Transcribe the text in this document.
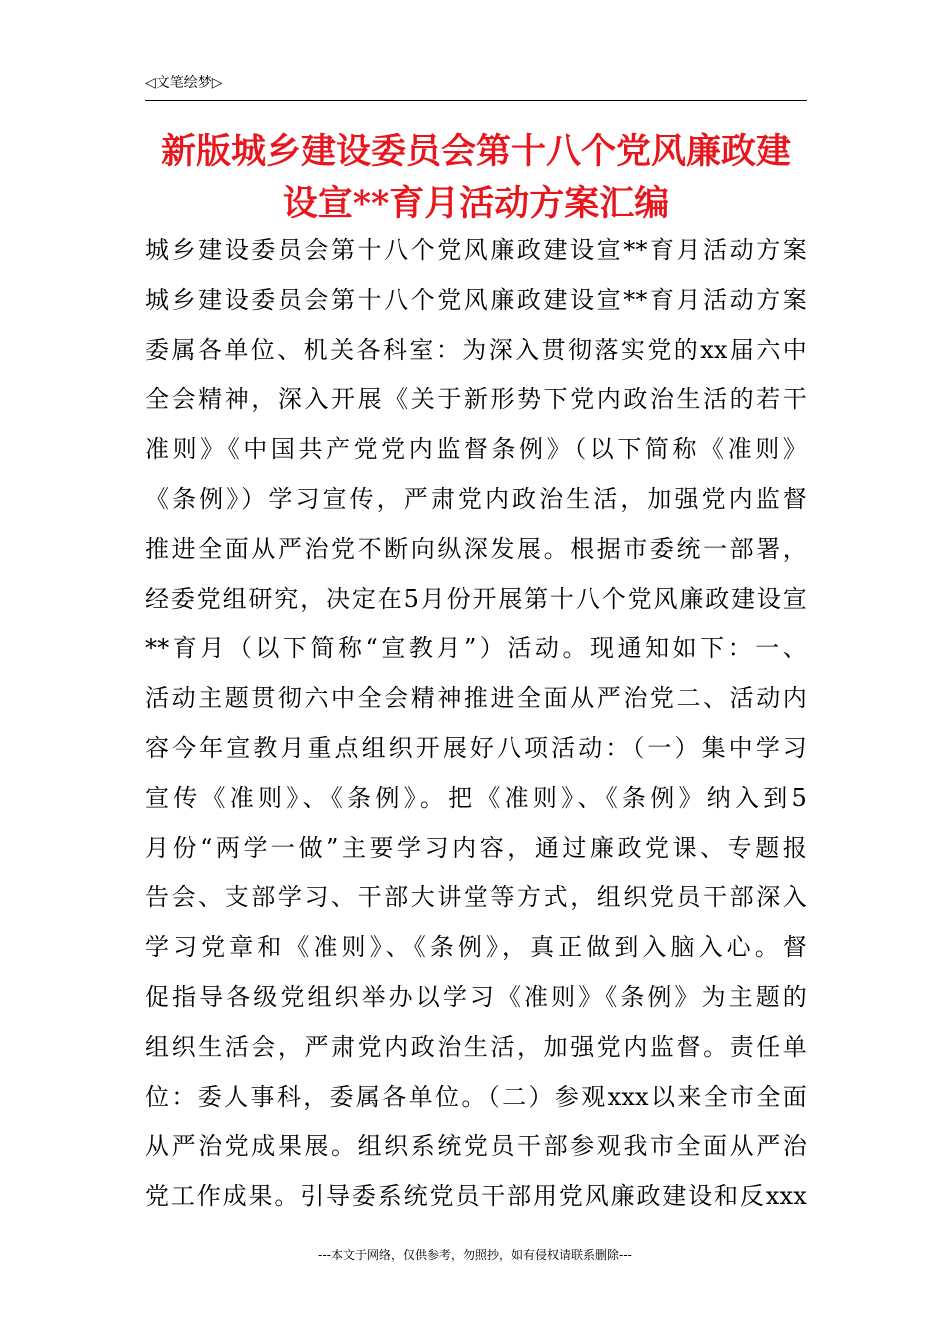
◁文笔绘梦▷
新版城乡建设委员会第十八个党风廉政建
设宣**育月活动方案汇编
城乡建设委员会第十八个党风廉政建设宣**育月活动方案
城乡建设委员会第十八个党风廉政建设宣**育月活动方案
委属各单位、机关各科室：为深入贯彻落实党的xx届六中
全会精神，深入开展《关于新形势下党内政治生活的若干
准则》《中国共产党党内监督条例》（以下简称《准则》
《条例》）学习宣传，严肃党内政治生活，加强党内监督
推进全面从严治党不断向纵深发展。根据市委统一部署，
经委党组研究，决定在5月份开展第十八个党风廉政建设宣
**育月（以下简称“宣教月”）活动。现通知如下：一、
活动主题贯彻六中全会精神推进全面从严治党二、活动内
容今年宣教月重点组织开展好八项活动：（一）集中学习
宣传《准则》、《条例》。把《准则》、《条例》纳入到5
月份“两学一做”主要学习内容，通过廉政党课、专题报
告会、支部学习、干部大讲堂等方式，组织党员干部深入
学习党章和《准则》、《条例》，真正做到入脑入心。督
促指导各级党组织举办以学习《准则》《条例》为主题的
组织生活会，严肃党内政治生活，加强党内监督。责任单
位：委人事科，委属各单位。（二）参观xxx以来全市全面
从严治党成果展。组织系统党员干部参观我市全面从严治
党工作成果。引导委系统党员干部用党风廉政建设和反xxx
---本文于网络，仅供参考，勿照抄，如有侵权请联系删除---
